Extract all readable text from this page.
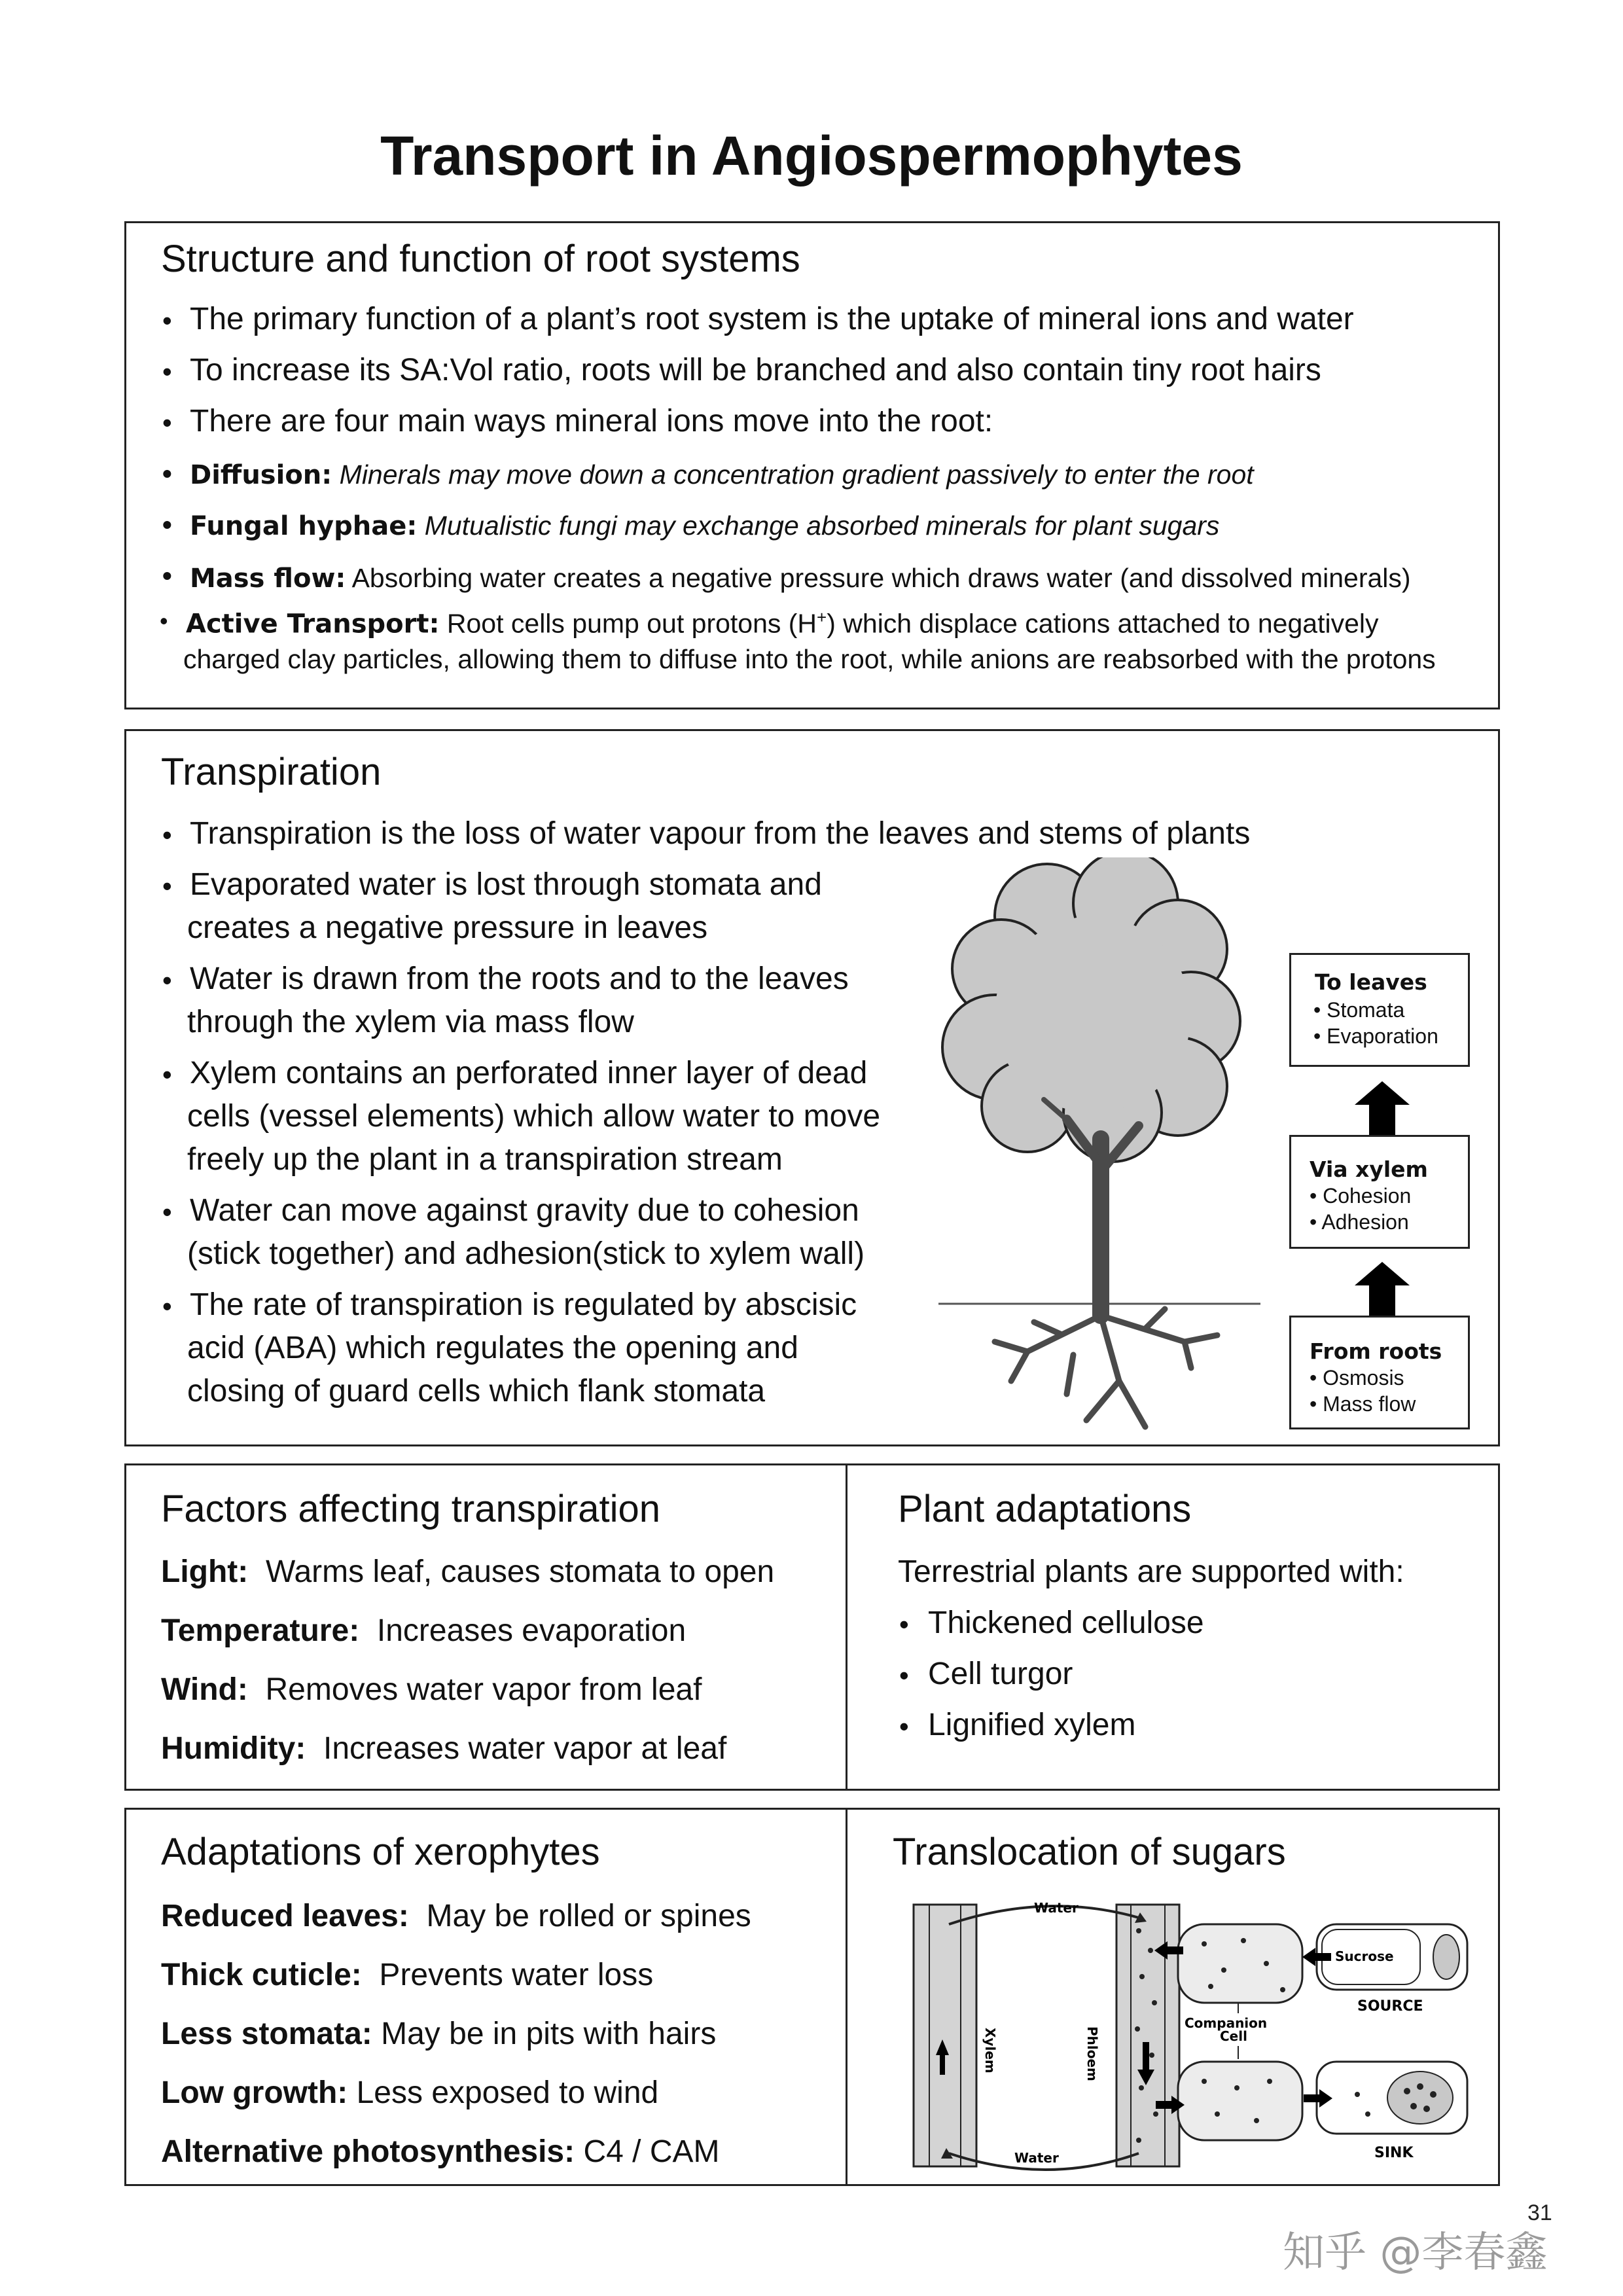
Transport in Angiospermophytes
Structure and function of root systems
• The primary function of a plant’s root system is the uptake of mineral ions and water
• To increase its SA:Vol ratio, roots will be branched and also contain tiny root hairs
• There are four main ways mineral ions move into the root:
• Diffusion: Minerals may move down a concentration gradient passively to enter the root
• Fungal hyphae: Mutualistic fungi may exchange absorbed minerals for plant sugars
• Mass flow: Absorbing water creates a negative pressure which draws water (and dissolved minerals)
• Active Transport: Root cells pump out protons (H+) which displace cations attached to negatively
charged clay particles, allowing them to diffuse into the root, while anions are reabsorbed with the protons
Transpiration
• Transpiration is the loss of water vapour from the leaves and stems of plants
• Evaporated water is lost through stomata and
creates a negative pressure in leaves
• Water is drawn from the roots and to the leaves
through the xylem via mass flow
• Xylem contains an perforated inner layer of dead
cells (vessel elements) which allow water to move
freely up the plant in a transpiration stream
• Water can move against gravity due to cohesion
(stick together) and adhesion(stick to xylem wall)
• The rate of transpiration is regulated by abscisic
acid (ABA) which regulates the opening and
closing of guard cells which flank stomata
To leaves
• Stomata
• Evaporation
Via xylem
• Cohesion
• Adhesion
From roots
• Osmosis
• Mass flow
Factors affecting transpiration
Light: Warms leaf, causes stomata to open
Temperature: Increases evaporation
Wind: Removes water vapor from leaf
Humidity: Increases water vapor at leaf
Plant adaptations
Terrestrial plants are supported with:
• Thickened cellulose
• Cell turgor
• Lignified xylem
Adaptations of xerophytes
Reduced leaves: May be rolled or spines
Thick cuticle: Prevents water loss
Less stomata: May be in pits with hairs
Low growth: Less exposed to wind
Alternative photosynthesis: C4 / CAM
Translocation of sugars
Water
Water
Xylem	Phloem
Sucrose
SOURCE
Companion
Cell
SINK
31
知乎 @李春鑫
